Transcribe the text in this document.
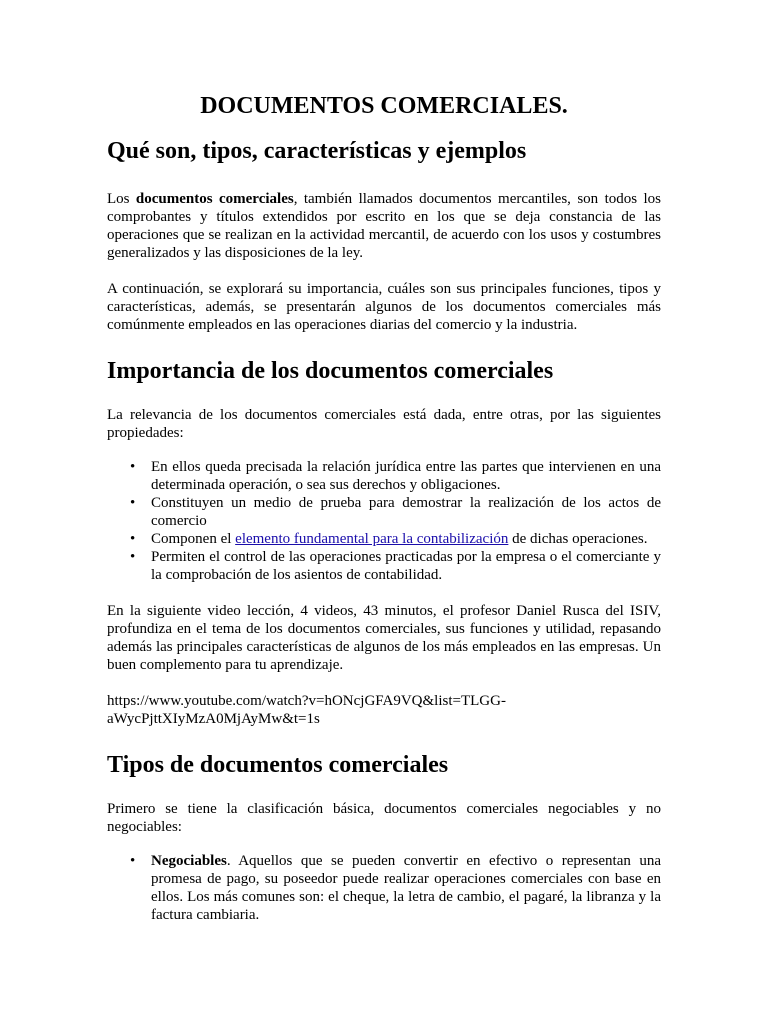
DOCUMENTOS COMERCIALES.
Qué son, tipos, características y ejemplos

Los documentos comerciales, también llamados documentos mercantiles, son todos los comprobantes y títulos extendidos por escrito en los que se deja constancia de las operaciones que se realizan en la actividad mercantil, de acuerdo con los usos y costumbres generalizados y las disposiciones de la ley.

A continuación, se explorará su importancia, cuáles son sus principales funciones, tipos y características, además, se presentarán algunos de los documentos comerciales más comúnmente empleados en las operaciones diarias del comercio y la industria.

Importancia de los documentos comerciales

La relevancia de los documentos comerciales está dada, entre otras, por las siguientes propiedades:

• En ellos queda precisada la relación jurídica entre las partes que intervienen en una determinada operación, o sea sus derechos y obligaciones.
• Constituyen un medio de prueba para demostrar la realización de los actos de comercio
• Componen el elemento fundamental para la contabilización de dichas operaciones.
• Permiten el control de las operaciones practicadas por la empresa o el comerciante y la comprobación de los asientos de contabilidad.

En la siguiente video lección, 4 videos, 43 minutos, el profesor Daniel Rusca del ISIV, profundiza en el tema de los documentos comerciales, sus funciones y utilidad, repasando además las principales características de algunos de los más empleados en las empresas. Un buen complemento para tu aprendizaje.

https://www.youtube.com/watch?v=hONcjGFA9VQ&list=TLGG-
aWycPjttXIyMzA0MjAyMw&t=1s

Tipos de documentos comerciales

Primero se tiene la clasificación básica, documentos comerciales negociables y no negociables:

• Negociables. Aquellos que se pueden convertir en efectivo o representan una promesa de pago, su poseedor puede realizar operaciones comerciales con base en ellos. Los más comunes son: el cheque, la letra de cambio, el pagaré, la libranza y la factura cambiaria.
